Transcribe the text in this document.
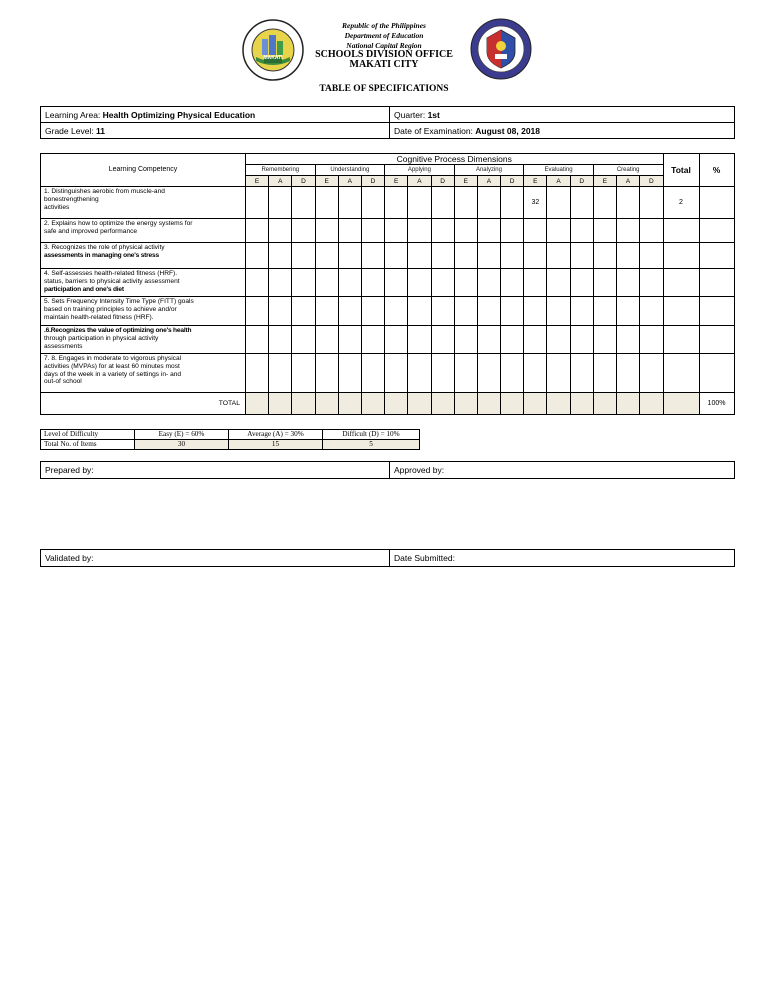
MAKATI
Republic of the Philippines
Department of Education
National Capital Region
SCHOOLS DIVISION OFFICE
MAKATI CITY
TABLE OF SPECIFICATIONS
Learning Area: Health Optimizing Physical Education	Quarter: 1st
Grade Level: 11	Date of Examination: August 08, 2018
Learning Competency	Cognitive Process Dimensions																		Total	%
	Remembering			Understanding			Applying			Analyzing			Evaluating			Creating				
	E	A	D	E	A	D	E	A	D	E	A	D	E	A	D	E	A	D		
1. Distinguishes aerobic from muscle-and
bonestrengthening
activities													32						2	
2. Explains how to optimize the energy systems for
safe and improved performance

3. Recognizes the role of physical activity
assessments in managing one's stress

4. Self-assesses health-related fitness (HRF).
status, barriers to physical activity assessment
participation and one's diet

5. Sets Frequency Intensity Time Type (FITT) goals
based on training principles to achieve and/or
maintain health-related fitness (HRF).

.6.Recognizes the value of optimizing one's health
through participation in physical activity
assessments

7. 8. Engages in moderate to vigorous physical
activities (MVPAs) for at least 60 minutes most
days of the week in a variety of settings in- and
out-of school

TOTAL																				100%
Level of Difficulty	Easy (E) = 60%	Average (A) = 30%	Difficult (D) = 10%
Total No. of Items	30	15	5
Prepared by:	Approved by:
Validated by:	Date Submitted:
